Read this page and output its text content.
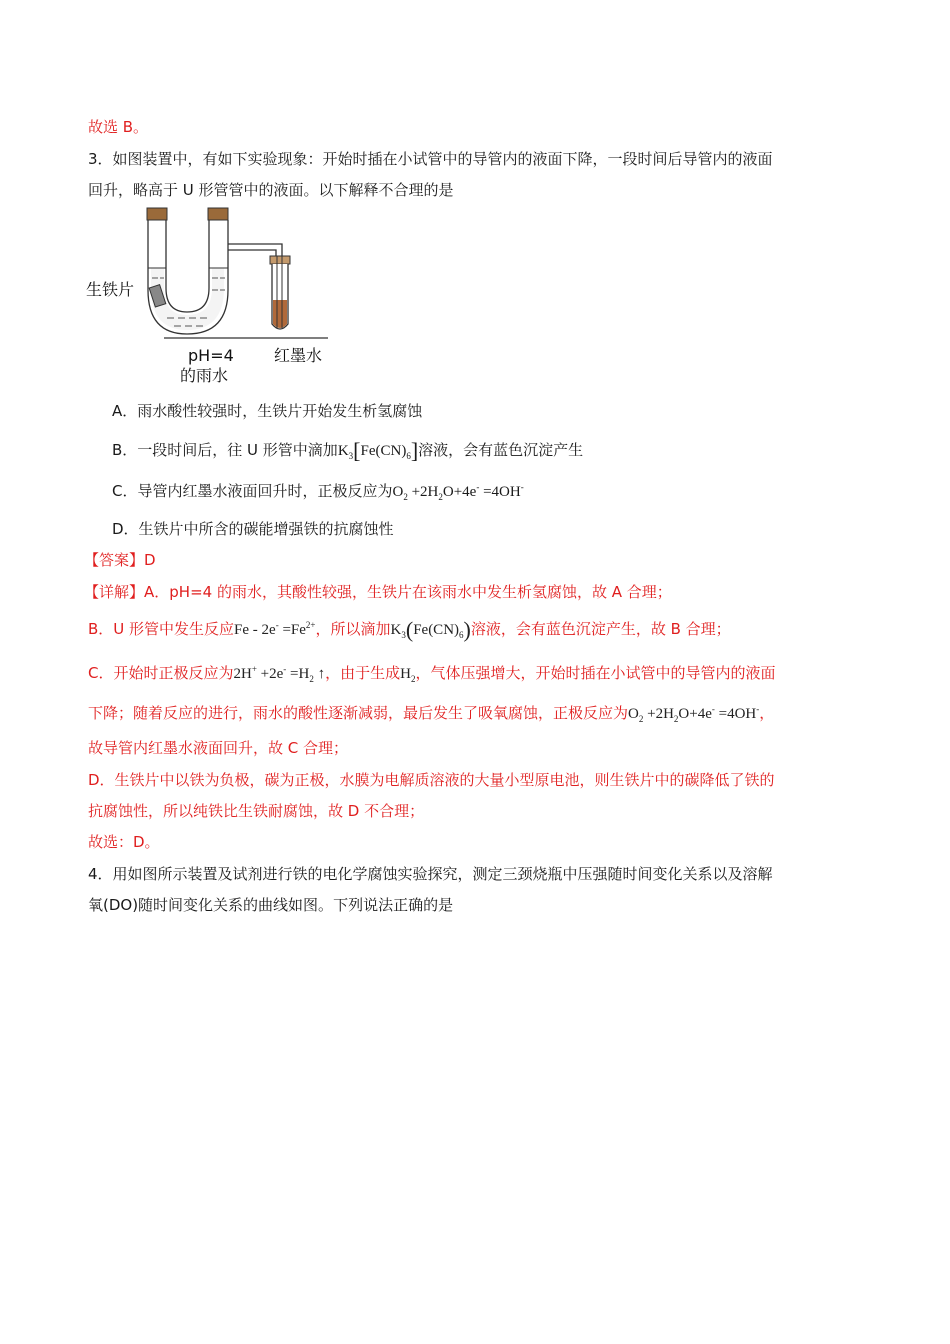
故选 B。
3．如图装置中，有如下实验现象：开始时插在小试管中的导管内的液面下降，一段时间后导管内的液面
回升，略高于 U 形管管中的液面。以下解释不合理的是
生铁片
pH=4
的雨水
红墨水
A．雨水酸性较强时，生铁片开始发生析氢腐蚀
B．一段时间后，往 U 形管中滴加$K_3[Fe(CN)_6]$溶液，会有蓝色沉淀产生
C．导管内红墨水液面回升时，正极反应为$O_2 +2H_2O+4e^- =4OH^-$
D．生铁片中所含的碳能增强铁的抗腐蚀性
【答案】D
【详解】A．pH=4 的雨水，其酸性较强，生铁片在该雨水中发生析氢腐蚀，故 A 合理；
B．U 形管中发生反应$Fe - 2e^- =Fe^{2+}$，所以滴加$K_3(Fe(CN)_6)$溶液，会有蓝色沉淀产生，故 B 合理；
C．开始时正极反应为$2H^+ +2e^- =H_2$ ↑，由于生成$H_2$，气体压强增大，开始时插在小试管中的导管内的液面
下降；随着反应的进行，雨水的酸性逐渐减弱，最后发生了吸氧腐蚀，正极反应为$O_2 +2H_2O+4e^- =4OH^-$，
故导管内红墨水液面回升，故 C 合理；
D．生铁片中以铁为负极，碳为正极，水膜为电解质溶液的大量小型原电池，则生铁片中的碳降低了铁的
抗腐蚀性，所以纯铁比生铁耐腐蚀，故 D 不合理；
故选：D。
4．用如图所示装置及试剂进行铁的电化学腐蚀实验探究，测定三颈烧瓶中压强随时间变化关系以及溶解
氧(DO)随时间变化关系的曲线如图。下列说法正确的是
